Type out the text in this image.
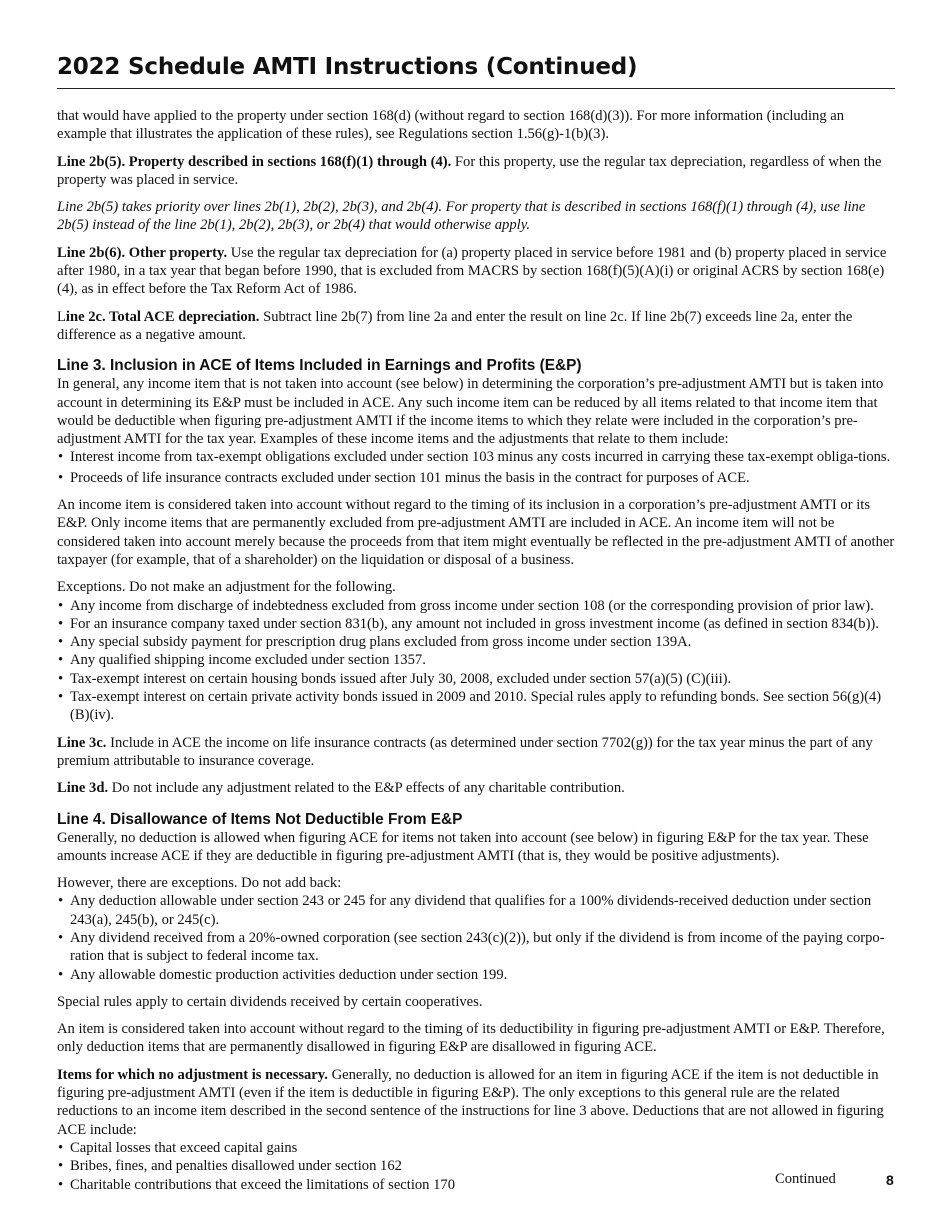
2022 Schedule AMTI Instructions (Continued)

that would have applied to the property under section 168(d) (without regard to section 168(d)(3)). For more information (including an example that illustrates the application of these rules), see Regulations section 1.56(g)-1(b)(3).

Line 2b(5). Property described in sections 168(f)(1) through (4). For this property, use the regular tax depreciation, regardless of when the property was placed in service.

Line 2b(5) takes priority over lines 2b(1), 2b(2), 2b(3), and 2b(4). For property that is described in sections 168(f)(1) through (4), use line 2b(5) instead of the line 2b(1), 2b(2), 2b(3), or 2b(4) that would otherwise apply.

Line 2b(6). Other property. Use the regular tax depreciation for (a) property placed in service before 1981 and (b) property placed in service after 1980, in a tax year that began before 1990, that is excluded from MACRS by section 168(f)(5)(A)(i) or original ACRS by section 168(e)(4), as in effect before the Tax Reform Act of 1986.

Line 2c. Total ACE depreciation. Subtract line 2b(7) from line 2a and enter the result on line 2c. If line 2b(7) exceeds line 2a, enter the difference as a negative amount.

Line 3. Inclusion in ACE of Items Included in Earnings and Profits (E&P)

In general, any income item that is not taken into account (see below) in determining the corporation’s pre-adjustment AMTI but is taken into account in determining its E&P must be included in ACE. Any such income item can be reduced by all items related to that income item that would be deductible when figuring pre-adjustment AMTI if the income items to which they relate were included in the corporation’s pre-adjustment AMTI for the tax year. Examples of these income items and the adjustments that relate to them include:

• Interest income from tax-exempt obligations excluded under section 103 minus any costs incurred in carrying these tax-exempt obliga-tions.
• Proceeds of life insurance contracts excluded under section 101 minus the basis in the contract for purposes of ACE.

An income item is considered taken into account without regard to the timing of its inclusion in a corporation’s pre-adjustment AMTI or its E&P. Only income items that are permanently excluded from pre-adjustment AMTI are included in ACE. An income item will not be considered taken into account merely because the proceeds from that item might eventually be reflected in the pre-adjustment AMTI of another taxpayer (for example, that of a shareholder) on the liquidation or disposal of a business.

Exceptions. Do not make an adjustment for the following.

• Any income from discharge of indebtedness excluded from gross income under section 108 (or the corresponding provision of prior law).
• For an insurance company taxed under section 831(b), any amount not included in gross investment income (as defined in section 834(b)).
• Any special subsidy payment for prescription drug plans excluded from gross income under section 139A.
• Any qualified shipping income excluded under section 1357.
• Tax-exempt interest on certain housing bonds issued after July 30, 2008, excluded under section 57(a)(5) (C)(iii).
• Tax-exempt interest on certain private activity bonds issued in 2009 and 2010. Special rules apply to refunding bonds. See section 56(g)(4)(B)(iv).

Line 3c. Include in ACE the income on life insurance contracts (as determined under section 7702(g)) for the tax year minus the part of any premium attributable to insurance coverage.

Line 3d. Do not include any adjustment related to the E&P effects of any charitable contribution.

Line 4. Disallowance of Items Not Deductible From E&P

Generally, no deduction is allowed when figuring ACE for items not taken into account (see below) in figuring E&P for the tax year. These amounts increase ACE if they are deductible in figuring pre-adjustment AMTI (that is, they would be positive adjustments).

However, there are exceptions. Do not add back:

• Any deduction allowable under section 243 or 245 for any dividend that qualifies for a 100% dividends-received deduction under section 243(a), 245(b), or 245(c).
• Any dividend received from a 20%-owned corporation (see section 243(c)(2)), but only if the dividend is from income of the paying corpo-ration that is subject to federal income tax.
• Any allowable domestic production activities deduction under section 199.

Special rules apply to certain dividends received by certain cooperatives.

An item is considered taken into account without regard to the timing of its deductibility in figuring pre-adjustment AMTI or E&P. Therefore, only deduction items that are permanently disallowed in figuring E&P are disallowed in figuring ACE.

Items for which no adjustment is necessary. Generally, no deduction is allowed for an item in figuring ACE if the item is not deductible in figuring pre-adjustment AMTI (even if the item is deductible in figuring E&P). The only exceptions to this general rule are the related reductions to an income item described in the second sentence of the instructions for line 3 above. Deductions that are not allowed in figuring ACE include:

• Capital losses that exceed capital gains
• Bribes, fines, and penalties disallowed under section 162
• Charitable contributions that exceed the limitations of section 170	Continued	8
